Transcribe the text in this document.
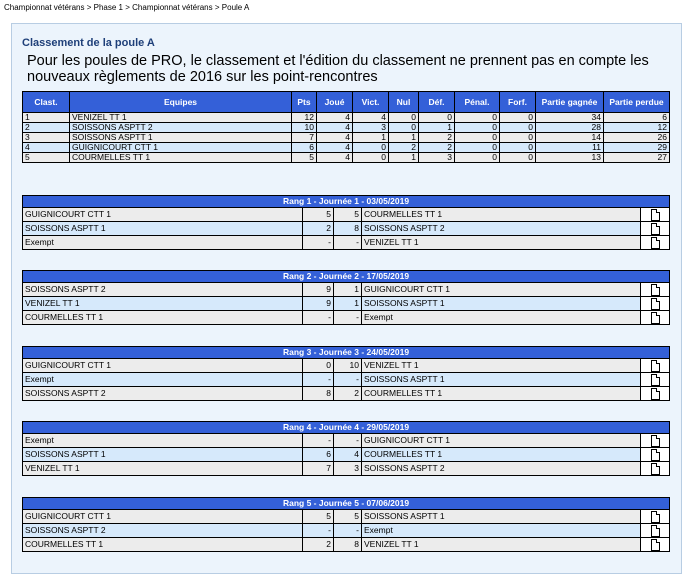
Championnat vétérans > Phase 1 > Championnat vétérans > Poule A
Classement de la poule A
Pour les poules de PRO, le classement et l'édition du classement ne prennent pas en compte les nouveaux règlements de 2016 sur les point-rencontres
Clast.	Equipes	Pts	Joué	Vict.	Nul	Déf.	Pénal.	Forf.	Partie gagnée	Partie perdue
1	VENIZEL TT 1	12	4	4	0	0	0	0	34	6
2	SOISSONS ASPTT 2	10	4	3	0	1	0	0	28	12
3	SOISSONS ASPTT 1	7	4	1	1	2	0	0	14	26
4	GUIGNICOURT CTT 1	6	4	0	2	2	0	0	11	29
5	COURMELLES TT 1	5	4	0	1	3	0	0	13	27
Rang 1 - Journée 1 - 03/05/2019				
GUIGNICOURT CTT 1	5	5	COURMELLES TT 1	
SOISSONS ASPTT 1	2	8	SOISSONS ASPTT 2	
Exempt	-	-	VENIZEL TT 1	
Rang 2 - Journée 2 - 17/05/2019				
SOISSONS ASPTT 2	9	1	GUIGNICOURT CTT 1	
VENIZEL TT 1	9	1	SOISSONS ASPTT 1	
COURMELLES TT 1	-	-	Exempt	
Rang 3 - Journée 3 - 24/05/2019				
GUIGNICOURT CTT 1	0	10	VENIZEL TT 1	
Exempt	-	-	SOISSONS ASPTT 1	
SOISSONS ASPTT 2	8	2	COURMELLES TT 1	
Rang 4 - Journée 4 - 29/05/2019				
Exempt	-	-	GUIGNICOURT CTT 1	
SOISSONS ASPTT 1	6	4	COURMELLES TT 1	
VENIZEL TT 1	7	3	SOISSONS ASPTT 2	
Rang 5 - Journée 5 - 07/06/2019				
GUIGNICOURT CTT 1	5	5	SOISSONS ASPTT 1	
SOISSONS ASPTT 2	-	-	Exempt	
COURMELLES TT 1	2	8	VENIZEL TT 1	
